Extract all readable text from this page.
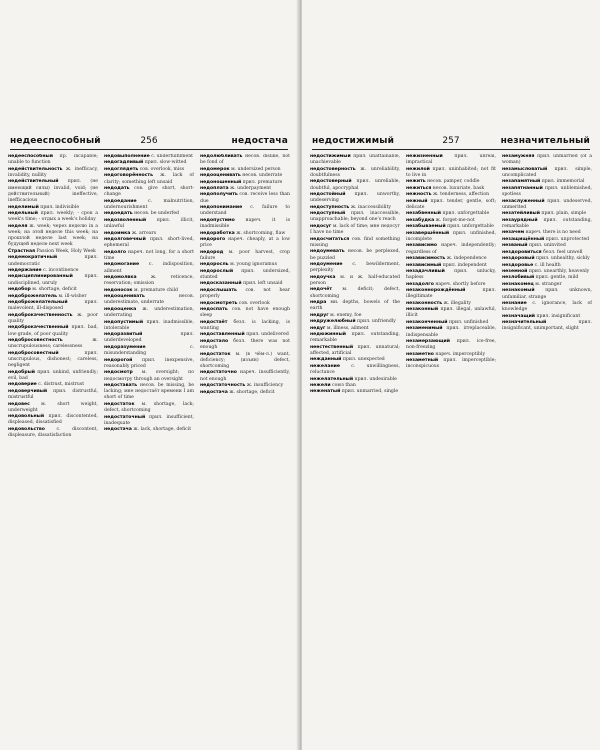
недееспособный	256	недостача
недееспособный пр. incapable; unable to function
недействительность ж. inefficacy, invalidity, nullity
недействительный прил. (не имеющий силы) invalid, void; (не действительный) ineffective, inefficacious
неделимый прил. indivisible
недельный прил. weekly; - срок a week's time; - отдых a week's holiday
неделя ж. week; через неделю in a week; на этой неделе this week; на прошлой неделе last week; на будущей неделе next week
Страстная Passion Week, Holy Week
недемократичный	прил. undemocratic
недержание с. incontinence
недисциплинированный	прил. undisciplined, unruly
недобор м. shortage, deficit
недоброжелатель м. ill-wisher
недоброжелательный	прил. malevolent, ill-disposed
недоброкачественность ж. poor quality
недоброкачественный прил. bad, low-grade, of poor quality
недобросовестность	ж. unscrupulousness; carelessness
недобросовестный	прил. unscrupulous, dishonest; careless, negligent
недобрый прил. unkind, unfriendly; evil, bad
недоверие с. distrust, mistrust
недоверчивый прил. distrustful, mistrustful
недовес м. short weight, underweight
недовольный прил. discontented, displeased, dissatisfied
недовольство	с. discontent, displeasure, dissatisfaction
недовыполнение с. underfulfilment
недогадливый прил. slow-witted
недоглядеть сов. overlook, miss
недоговорённость ж. lack of clarity; something left unsaid
недодать сов. give short, short-change
недоедание с. malnutrition, undernourishment
недоедать несов. be underfed
недозволенный прил. illicit, unlawful
недоимка ж. arrears
недолговечный прил. short-lived, ephemeral
недолго нареч. not long, for a short time
недомогание с. indisposition, ailment
недомолвка	ж. reticence, reservation; omission
недоносок м. premature child
недооценивать	несов. underestimate, underrate
недооценка ж. underestimation, underrating
недопустимый прил. inadmissible, intolerable
недоразвитый	прил. underdeveloped
недоразумение	с. misunderstanding
недорогой прил. inexpensive, reasonably priced
недосмотр м. oversight; по недосмотру through an oversight
недоставать несов. be missing, be lacking; мне недостаёт времени I am short of time
недостаток м. shortage, lack; defect, shortcoming
недостаточный прил. insufficient, inadequate
недостача ж. lack, shortage, deficit
недолюбливать несов. dislike, not be fond of
недомерок м. undersized person
недооценивать несов. underrate
недоношенный прил. premature
недоплата ж. underpayment
недополучить сов. receive less than due
недопонимание с. failure to understand
недопустимо нареч. it is inadmissible
недоработка ж. shortcoming, flaw
недорого нареч. cheaply, at a low price
недород м. poor harvest, crop failure
недоросль м. young ignoramus
недорослый прил. undersized, stunted
недосказанный прил. left unsaid
недослышать сов. not hear properly
недосмотреть сов. overlook
недоспать сов. not have enough sleep
недостаёт безл. is lacking, is wanting
недоставленный прил. undelivered
недостало безл. there was not enough
недостаток м. (в чём-л.) want, deficiency; (изъян) defect, shortcoming
недостаточно нареч. insufficiently, not enough
недостаточность ж. insufficiency
недостача ж. shortage, deficit
недостижимый	257	незначительный
недостижимый прил. unattainable, unachievable
недостоверность ж. unreliability, doubtfulness
недостоверный прил. unreliable, doubtful, apocryphal
недостойный прил. unworthy, undeserving
недоступность ж. inaccessibility
недоступный прил. inaccessible, unapproachable; beyond one's reach
недосуг м. lack of time; мне недосуг I have no time
недосчитаться сов. find something missing
недоумевать несов. be perplexed, be puzzled
недоумение с. bewilderment, perplexity
недоучка м. и ж. half-educated person
недочёт м. deficit; defect, shortcoming
недра мн. depths, bowels of the earth
недруг м. enemy, foe
недружелюбный прил. unfriendly
недуг м. illness, ailment
недюжинный прил. outstanding, remarkable
неестественный прил. unnatural; affected, artificial
нежданный прил. unexpected
нежелание с. unwillingness, reluctance
нежелательный прил. undesirable
нежели союз than
неженатый прил. unmarried, single
нежизненный	прил. unreal, impractical
нежилой прил. uninhabited; not fit to live in
нежить несов. pamper, coddle
нежиться несов. luxuriate, bask
нежность ж. tenderness, affection
нежный прил. tender, gentle, soft; delicate
незабвенный прил. unforgettable
незабудка ж. forget-me-not
незабываемый прил. unforgettable
незавершённый прил. unfinished, incomplete
независимо нареч. independently; regardless of
независимость ж. independence
независимый прил. independent
незадачливый прил. unlucky, hapless
незадолго нареч. shortly before
незаконнорождённый	прил. illegitimate
незаконность ж. illegality
незаконный прил. illegal, unlawful, illicit
незаконченный прил. unfinished
незаменимый прил. irreplaceable, indispensable
незамерзающий прил. ice-free, non-freezing
незаметно нареч. imperceptibly
незаметный прил. imperceptible; inconspicuous
незамужняя прил. unmarried (of a woman)
незамысловатый прил. simple, uncomplicated
незапамятный прил. immemorial
незапятнанный прил. unblemished, spotless
незаслуженный прил. undeserved, unmerited
незатейливый прил. plain, simple
незаурядный прил. outstanding, remarkable
незачем нареч. there is no need
незащищённый прил. unprotected
незваный прил. uninvited
нездоровиться безл. feel unwell
нездоровый прил. unhealthy, sickly
нездоровье с. ill health
неземной прил. unearthly, heavenly
незлобивый прил. gentle, mild
незнакомец м. stranger
незнакомый прил. unknown, unfamiliar, strange
незнание с. ignorance, lack of knowledge
незначащий прил. insignificant
незначительный	прил. insignificant, unimportant, slight
